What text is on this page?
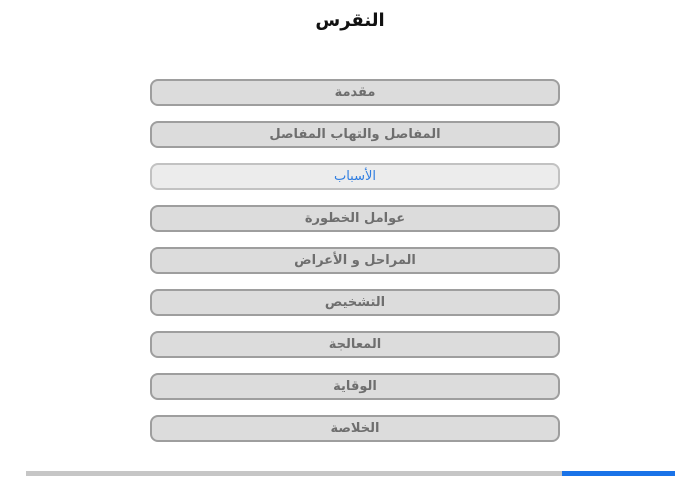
النقرس
مقدمة
المفاصل والتهاب المفاصل
الأسباب
عوامل الخطورة
المراحل و الأعراض
التشخيص
المعالجة
الوقاية
الخلاصة
